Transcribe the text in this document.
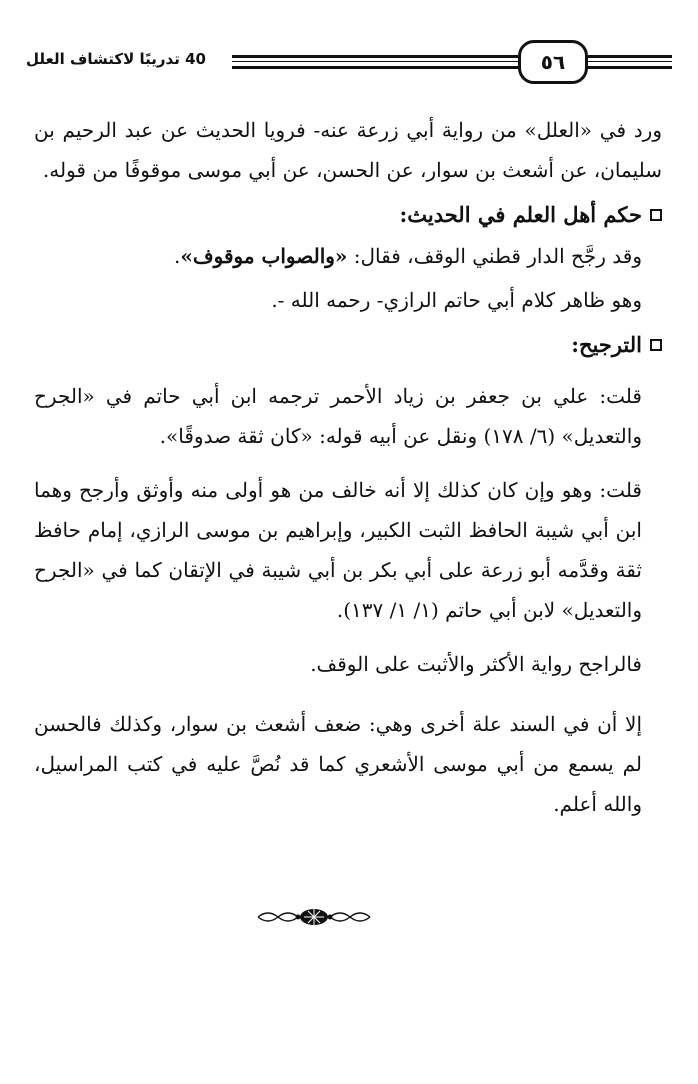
٥٦
40 تدريبًا لاكتشاف العلل

ورد في «العلل» من رواية أبي زرعة عنه- فرويا الحديث عن عبد الرحيم بن سليمان، عن أشعث بن سوار، عن الحسن، عن أبي موسى موقوفًا من قوله.

حكم أهل العلم في الحديث:

وقد رجَّح الدار قطني الوقف، فقال: «والصواب موقوف».

وهو ظاهر كلام أبي حاتم الرازي- رحمه الله -.

الترجيح:

قلت: علي بن جعفر بن زياد الأحمر ترجمه ابن أبي حاتم في «الجرح والتعديل» (٦/ ١٧٨) ونقل عن أبيه قوله: «كان ثقة صدوقًا».

قلت: وهو وإن كان كذلك إلا أنه خالف من هو أولى منه وأوثق وأرجح وهما ابن أبي شيبة الحافظ الثبت الكبير، وإبراهيم بن موسى الرازي، إمام حافظ ثقة وقدَّمه أبو زرعة على أبي بكر بن أبي شيبة في الإتقان كما في «الجرح والتعديل» لابن أبي حاتم (١/ ١/ ١٣٧).

فالراجح رواية الأكثر والأثبت على الوقف.

إلا أن في السند علة أخرى وهي: ضعف أشعث بن سوار، وكذلك فالحسن لم يسمع من أبي موسى الأشعري كما قد نُصَّ عليه في كتب المراسيل، والله أعلم.
